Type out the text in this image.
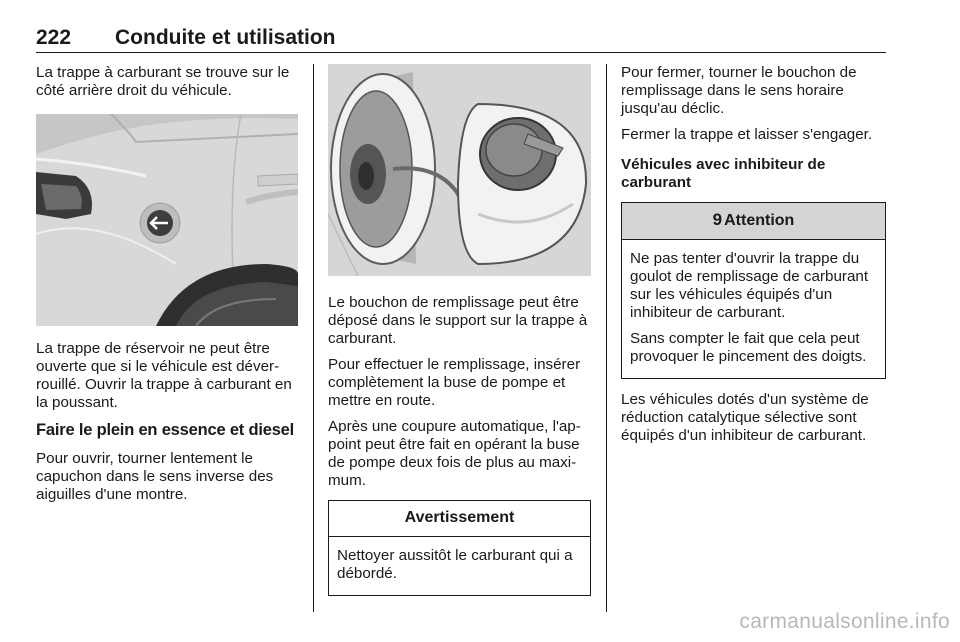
222 Conduite et utilisation

La trappe à carburant se trouve sur le côté arrière droit du véhicule.

La trappe de réservoir ne peut être ouverte que si le véhicule est déverrouillé. Ouvrir la trappe à carburant en la poussant.

Faire le plein en essence et diesel

Pour ouvrir, tourner lentement le capuchon dans le sens inverse des aiguilles d'une montre.

Le bouchon de remplissage peut être déposé dans le support sur la trappe à carburant.

Pour effectuer le remplissage, insérer complètement la buse de pompe et mettre en route.

Après une coupure automatique, l'appoint peut être fait en opérant la buse de pompe deux fois de plus au maximum.

Avertissement

Nettoyer aussitôt le carburant qui a débordé.

Pour fermer, tourner le bouchon de remplissage dans le sens horaire jusqu'au déclic.

Fermer la trappe et laisser s'engager.

Véhicules avec inhibiteur de carburant
9 Attention

Ne pas tenter d'ouvrir la trappe du goulot de remplissage de carburant sur les véhicules équipés d'un inhibiteur de carburant.

Sans compter le fait que cela peut provoquer le pincement des doigts.

Les véhicules dotés d'un système de réduction catalytique sélective sont équipés d'un inhibiteur de carburant.

carmanualsonline.info
